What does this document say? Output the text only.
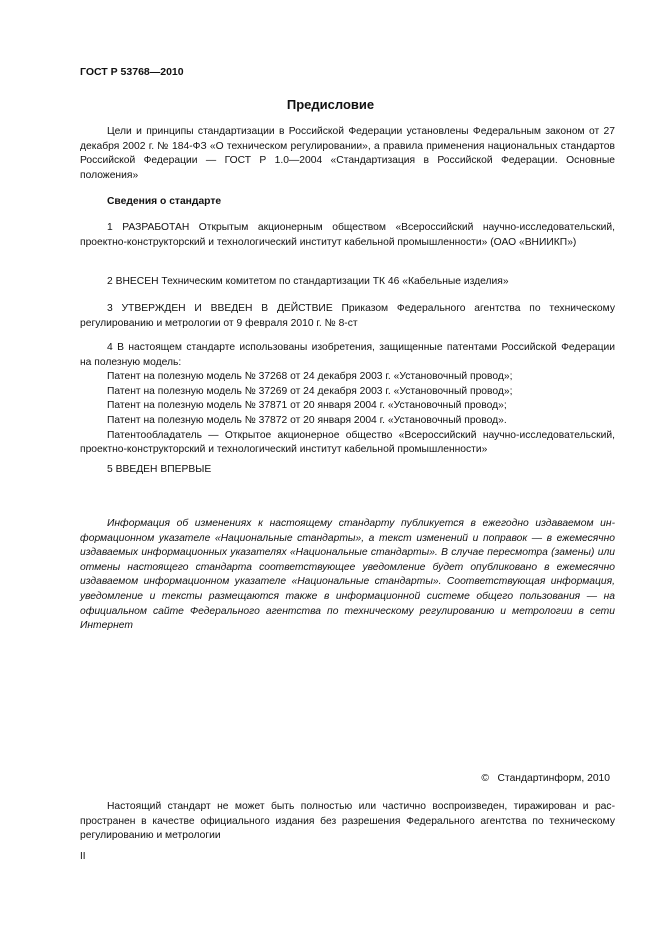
ГОСТ Р 53768—2010
Предисловие
Цели и принципы стандартизации в Российской Федерации установлены Федеральным законом от 27 декабря 2002 г. № 184-ФЗ «О техническом регулировании», а правила применения национальных стандартов Российской Федерации — ГОСТ Р 1.0—2004 «Стандартизация в Российской Федерации. Основные положения»
Сведения о стандарте
1 РАЗРАБОТАН Открытым акционерным обществом «Всероссийский научно-исследовательский, проектно-конструкторский и технологический институт кабельной промышленности» (ОАО «ВНИИКП»)
2 ВНЕСЕН Техническим комитетом по стандартизации ТК 46 «Кабельные изделия»
3 УТВЕРЖДЕН И ВВЕДЕН В ДЕЙСТВИЕ Приказом Федерального агентства по техническому регулированию и метрологии от 9 февраля 2010 г. № 8-ст
4 В настоящем стандарте использованы изобретения, защищенные патентами Российской Федерации на полезную модель:
Патент на полезную модель № 37268 от 24 декабря 2003 г. «Установочный провод»;
Патент на полезную модель № 37269 от 24 декабря 2003 г. «Установочный провод»;
Патент на полезную модель № 37871 от 20 января 2004 г. «Установочный провод»;
Патент на полезную модель № 37872 от 20 января 2004 г. «Установочный провод».
Патентообладатель — Открытое акционерное общество «Всероссийский научно-исследовательский, проектно-конструкторский и технологический институт кабельной промышленности»
5 ВВЕДЕН ВПЕРВЫЕ
Информация об изменениях к настоящему стандарту публикуется в ежегодно издаваемом информационном указателе «Национальные стандарты», а текст изменений и поправок — в ежемесячно издаваемых информационных указателях «Национальные стандарты». В случае пересмотра (замены) или отмены настоящего стандарта соответствующее уведомление будет опубликовано в ежемесячно издаваемом информационном указателе «Национальные стандарты». Соответствующая информация, уведомление и тексты размещаются также в информационной системе общего пользования — на официальном сайте Федерального агентства по техническому регулированию и метрологии в сети Интернет
©   Стандартинформ, 2010
Настоящий стандарт не может быть полностью или частично воспроизведен, тиражирован и распространен в качестве официального издания без разрешения Федерального агентства по техническому регулированию и метрологии
II
